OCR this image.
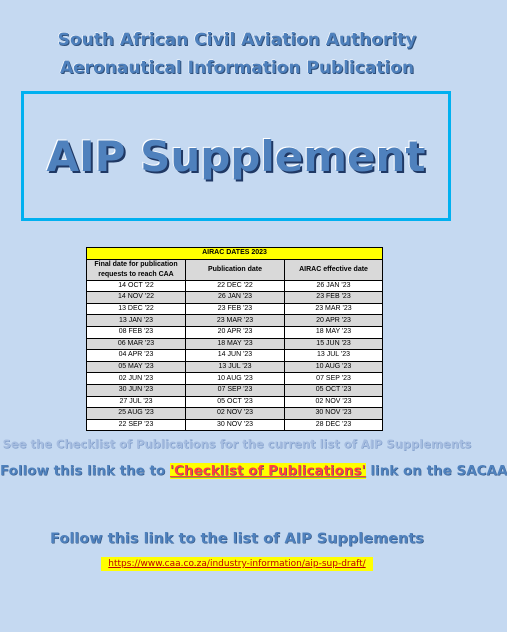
South African Civil Aviation Authority
Aeronautical Information Publication
AIP Supplement
AIRAC DATES 2023		
Final date for publication requests to reach CAA	Publication date	AIRAC effective date
14 OCT '22	22 DEC '22	26 JAN '23
14 NOV '22	26 JAN '23	23 FEB '23
13 DEC '22	23 FEB '23	23 MAR '23
13 JAN '23	23 MAR '23	20 APR '23
08 FEB '23	20 APR '23	18 MAY '23
06 MAR '23	18 MAY '23	15 JUN '23
04 APR '23	14 JUN '23	13 JUL '23
05 MAY '23	13 JUL '23	10 AUG '23
02 JUN '23	10 AUG '23	07 SEP '23
30 JUN '23	07 SEP '23	05 OCT '23
27 JUL '23	05 OCT '23	02 NOV '23
25 AUG '23	02 NOV '23	30 NOV '23
22 SEP '23	30 NOV '23	28 DEC '23
See the Checklist of Publications for the current list of AIP Supplements
Follow this link the to 'Checklist of Publications' link on the SACAA
Follow this link to the list of AIP Supplements
https://www.caa.co.za/industry-information/aip-sup-draft/
